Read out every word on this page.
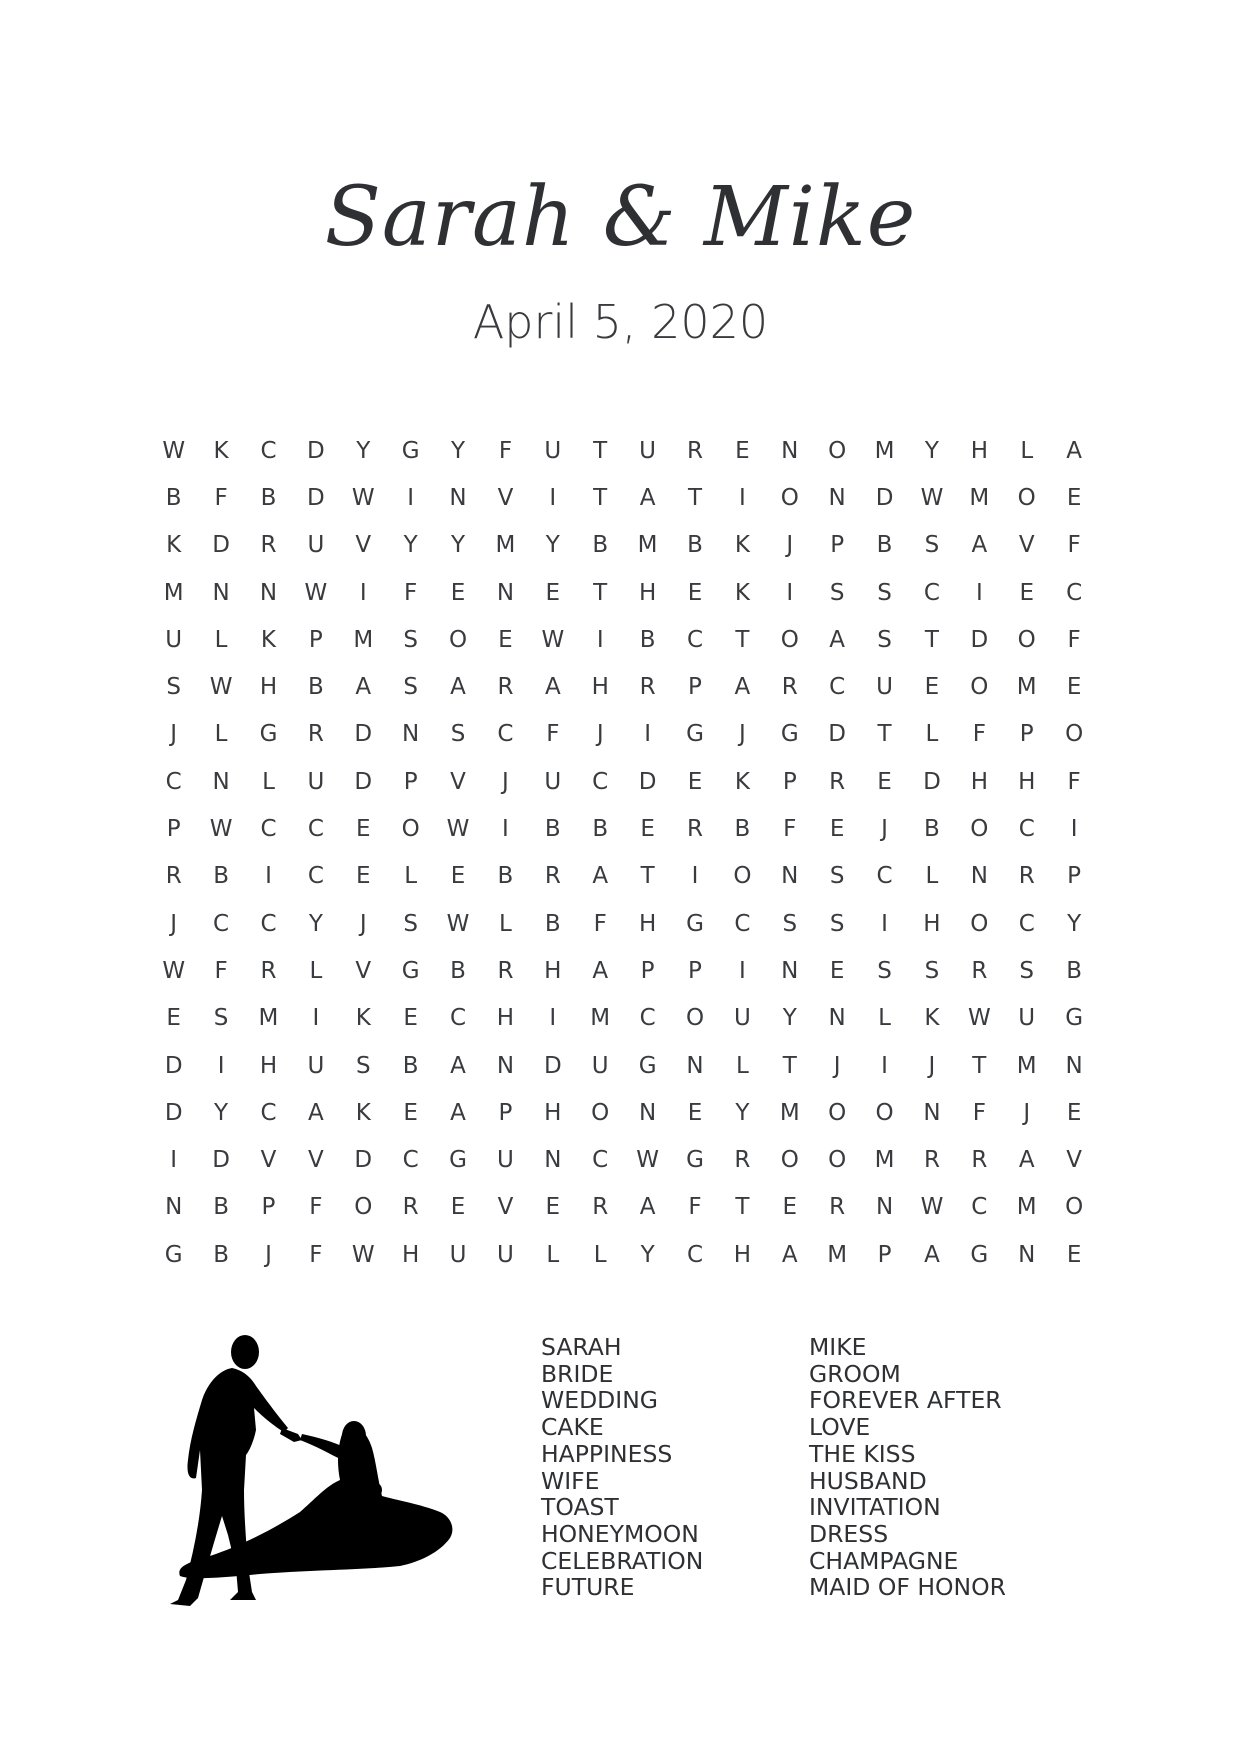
Sarah & Mike
April 5, 2020
W	K	C	D	Y	G	Y	F	U	T	U	R	E	N	O	M	Y	H	L	A
B	F	B	D	W	I	N	V	I	T	A	T	I	O	N	D	W	M	O	E
K	D	R	U	V	Y	Y	M	Y	B	M	B	K	J	P	B	S	A	V	F
M	N	N	W	I	F	E	N	E	T	H	E	K	I	S	S	C	I	E	C
U	L	K	P	M	S	O	E	W	I	B	C	T	O	A	S	T	D	O	F
S	W	H	B	A	S	A	R	A	H	R	P	A	R	C	U	E	O	M	E
J	L	G	R	D	N	S	C	F	J	I	G	J	G	D	T	L	F	P	O
C	N	L	U	D	P	V	J	U	C	D	E	K	P	R	E	D	H	H	F
P	W	C	C	E	O	W	I	B	B	E	R	B	F	E	J	B	O	C	I
R	B	I	C	E	L	E	B	R	A	T	I	O	N	S	C	L	N	R	P
J	C	C	Y	J	S	W	L	B	F	H	G	C	S	S	I	H	O	C	Y
W	F	R	L	V	G	B	R	H	A	P	P	I	N	E	S	S	R	S	B
E	S	M	I	K	E	C	H	I	M	C	O	U	Y	N	L	K	W	U	G
D	I	H	U	S	B	A	N	D	U	G	N	L	T	J	I	J	T	M	N
D	Y	C	A	K	E	A	P	H	O	N	E	Y	M	O	O	N	F	J	E
I	D	V	V	D	C	G	U	N	C	W	G	R	O	O	M	R	R	A	V
N	B	P	F	O	R	E	V	E	R	A	F	T	E	R	N	W	C	M	O
G	B	J	F	W	H	U	U	L	L	Y	C	H	A	M	P	A	G	N	E
SARAH
BRIDE
WEDDING
CAKE
HAPPINESS
WIFE
TOAST
HONEYMOON
CELEBRATION
FUTURE
MIKE
GROOM
FOREVER AFTER
LOVE
THE KISS
HUSBAND
INVITATION
DRESS
CHAMPAGNE
MAID OF HONOR
